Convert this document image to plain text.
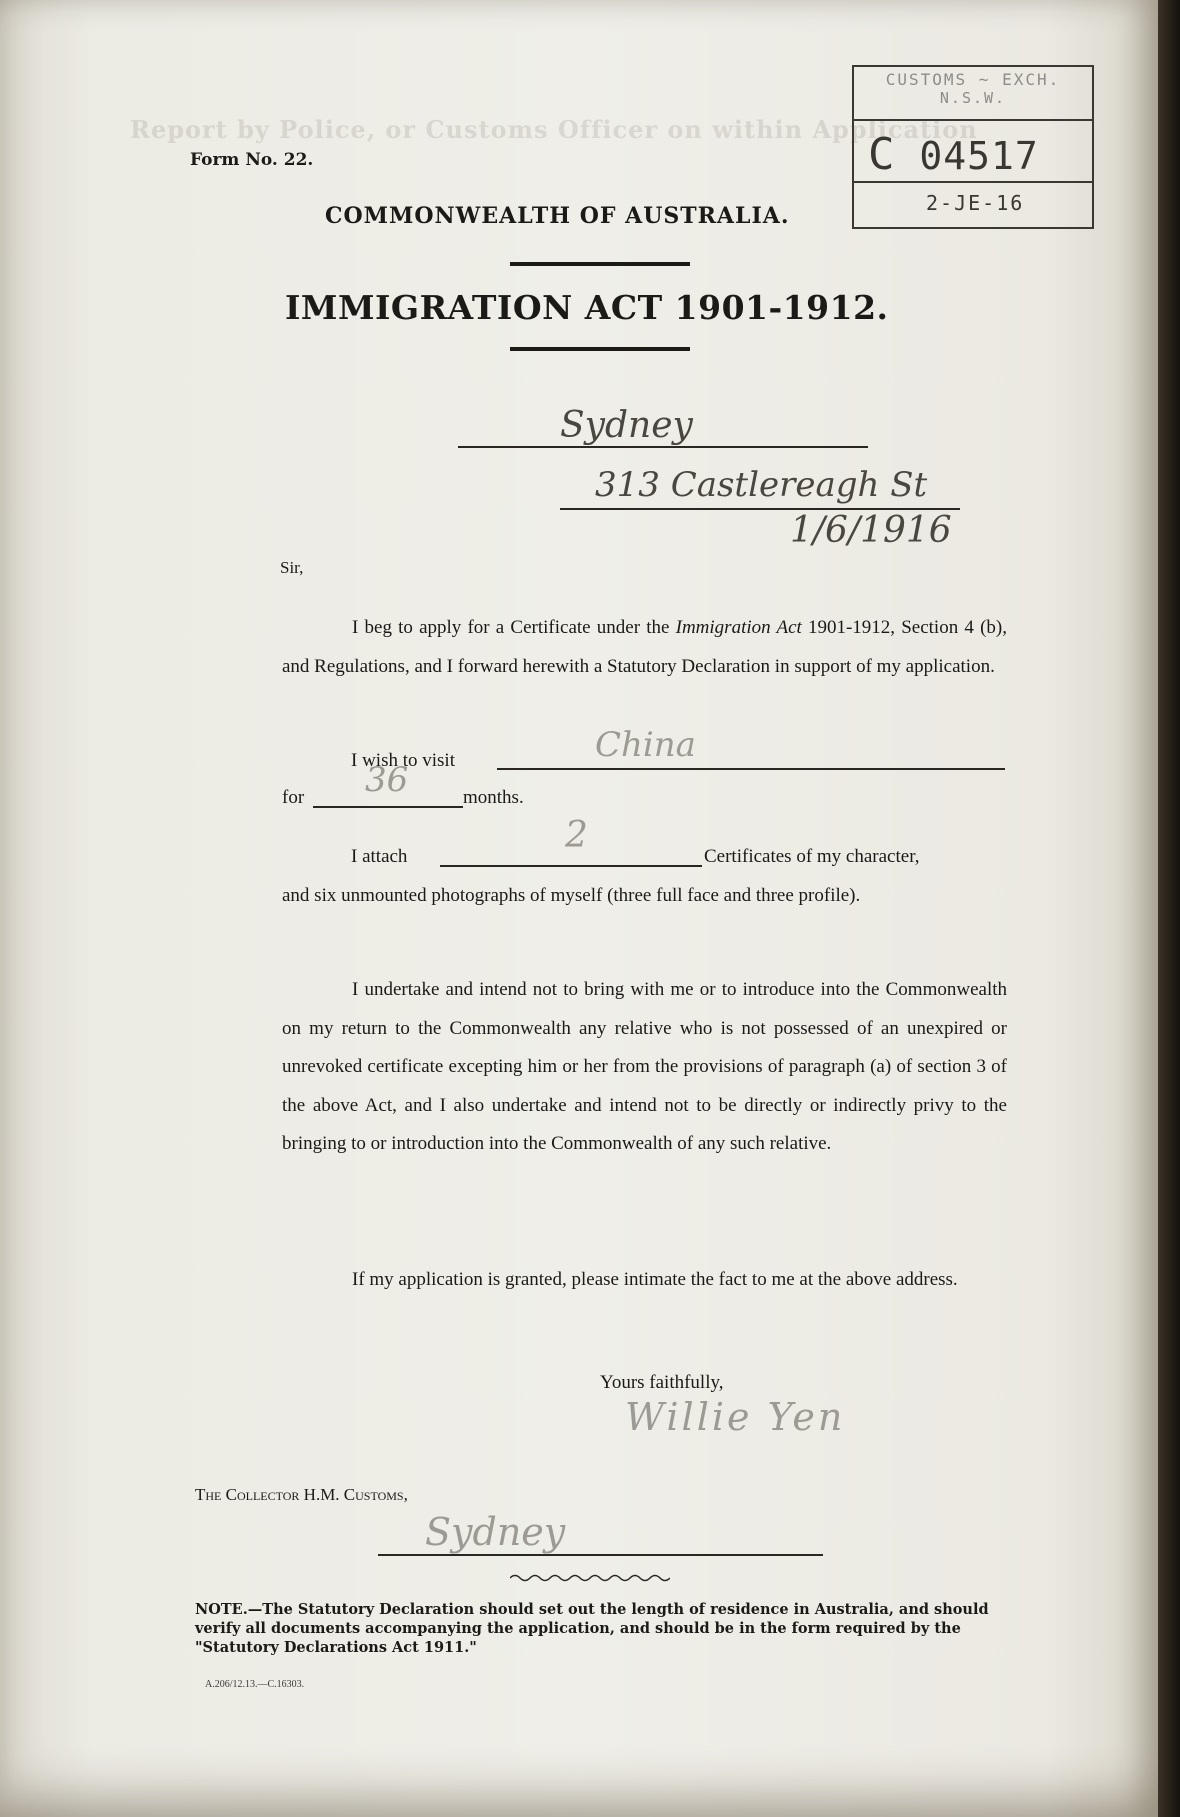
Report by Police, or Customs Officer on within Application
Form No. 22.
CUSTOMS ~ EXCH.
N.S.W.
C 04517
2-JE-16
COMMONWEALTH OF AUSTRALIA.
IMMIGRATION ACT 1901-1912.
Sydney
313 Castlereagh St
1/6/1916
Sir,
I beg to apply for a Certificate under the Immigration Act 1901-1912, Section 4 (b), and Regulations, and I forward herewith a Statutory Declaration in support of my application.
I wish to visit	China
for 36	months.
I attach
2
Certificates of my character,
and six unmounted photographs of myself (three full face and three profile).
I undertake and intend not to bring with me or to introduce into the Commonwealth on my return to the Commonwealth any relative who is not possessed of an unexpired or unrevoked certificate excepting him or her from the provisions of paragraph (a) of section 3 of the above Act, and I also undertake and intend not to be directly or indirectly privy to the bringing to or introduction into the Commonwealth of any such relative.
If my application is granted, please intimate the fact to me at the above address.
Yours faithfully,
Willie Yen
The Collector H.M. Customs,
Sydney
NOTE.—The Statutory Declaration should set out the length of residence in Australia, and should verify all documents accompanying the application, and should be in the form required by the "Statutory Declarations Act 1911."
A.206/12.13.—C.16303.
